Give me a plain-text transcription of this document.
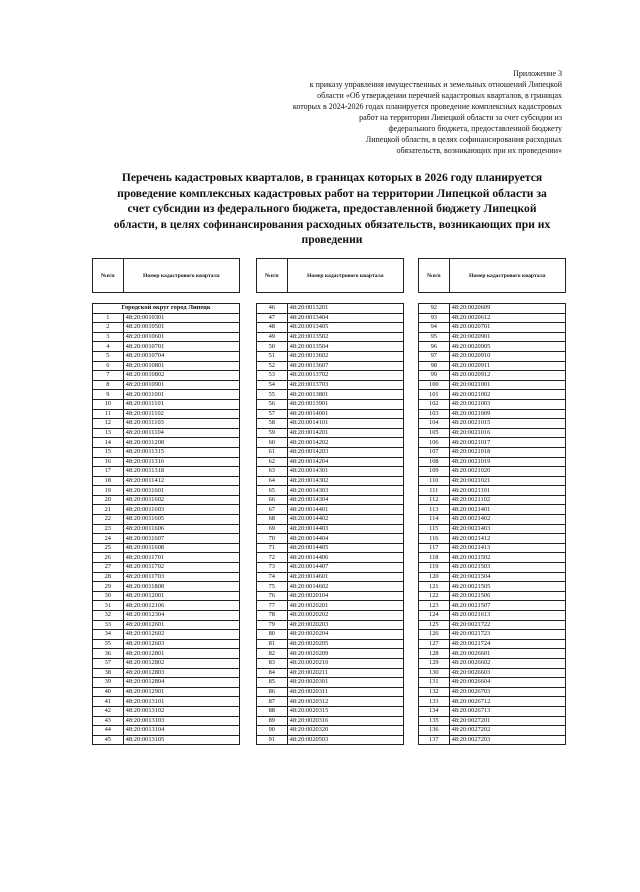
Приложение 3
к приказу управления имущественных и земельных отношений Липецкой
области «Об утверждении перечней кадастровых кварталов, в границах
которых в 2024-2026 годах планируется проведение комплексных кадастровых
работ на территории Липецкой области за счет субсидии из
федерального бюджета, предоставленной бюджету
Липецкой области, в целях софинансирования расходных
обязательств, возникающих при их проведении»
Перечень кадастровых кварталов, в границах которых в 2026 году планируется
проведение комплексных кадастровых работ на территории Липецкой области за
счет субсидии из федерального бюджета, предоставленной бюджету Липецкой
области, в целях софинансирования расходных обязательств, возникающих при их
проведении
№п/п	Номер кадастрового квартала

Городской округ город Липецк	
1	48:20:0010301
2	48:20:0010501
3	48:20:0010601
4	48:20:0010701
5	48:20:0010704
6	48:20:0010801
7	48:20:0010802
8	48:20:0010901
9	48:20:0011001
10	48:20:0011101
11	48:20:0011102
12	48:20:0011103
13	48:20:0011104
14	48:20:0011208
15	48:20:0011315
16	48:20:0011316
17	48:20:0011318
18	48:20:0011412
19	48:20:0011601
20	48:20:0011602
21	48:20:0011603
22	48:20:0011605
23	48:20:0011606
24	48:20:0011607
25	48:20:0011608
26	48:20:0011701
27	48:20:0011702
28	48:20:0011703
29	48:20:0011808
30	48:20:0012001
31	48:20:0012106
32	48:20:0012304
33	48:20:0012601
34	48:20:0012602
35	48:20:0012603
36	48:20:0012801
37	48:20:0012802
38	48:20:0012803
39	48:20:0012804
40	48:20:0012901
41	48:20:0013101
42	48:20:0013102
43	48:20:0013103
44	48:20:0013104
45	48:20:0013105
№п/п	Номер кадастрового квартала

46	48:20:0013201
47	48:20:0013404
48	48:20:0013405
49	48:20:0013502
50	48:20:0013504
51	48:20:0013602
52	48:20:0013607
53	48:20:0013702
54	48:20:0013703
55	48:20:0013801
56	48:20:0013901
57	48:20:0014001
58	48:20:0014101
59	48:20:0014201
60	48:20:0014202
61	48:20:0014203
62	48:20:0014204
63	48:20:0014301
64	48:20:0014302
65	48:20:0014303
66	48:20:0014304
67	48:20:0014401
68	48:20:0014402
69	48:20:0014403
70	48:20:0014404
71	48:20:0014405
72	48:20:0014406
73	48:20:0014407
74	48:20:0014601
75	48:20:0014602
76	48:20:0020104
77	48:20:0020201
78	48:20:0020202
79	48:20:0020203
80	48:20:0020204
81	48:20:0020205
82	48:20:0020209
83	48:20:0020210
84	48:20:0020211
85	48:20:0020301
86	48:20:0020311
87	48:20:0020312
88	48:20:0020315
89	48:20:0020316
90	48:20:0020320
91	48:20:0020503
№п/п	Номер кадастрового квартала

92	48:20:0020609
93	48:20:0020612
94	48:20:0020701
95	48:20:0020901
96	48:20:0020905
97	48:20:0020910
98	48:20:0020911
99	48:20:0020912
100	48:20:0021001
101	48:20:0021002
102	48:20:0021003
103	48:20:0021009
104	48:20:0021015
105	48:20:0021016
106	48:20:0021017
107	48:20:0021018
108	48:20:0021019
109	48:20:0021020
110	48:20:0021021
111	48:20:0021101
112	48:20:0021102
113	48:20:0021401
114	48:20:0021402
115	48:20:0021403
116	48:20:0021412
117	48:20:0021413
118	48:20:0021502
119	48:20:0021503
120	48:20:0021504
121	48:20:0021505
122	48:20:0021506
123	48:20:0021507
124	48:20:0021613
125	48:20:0021722
126	48:20:0021723
127	48:20:0021724
128	48:20:0026601
129	48:20:0026602
130	48:20:0026603
131	48:20:0026604
132	48:20:0026703
133	48:20:0026712
134	48:20:0026713
135	48:20:0027201
136	48:20:0027202
137	48:20:0027203
